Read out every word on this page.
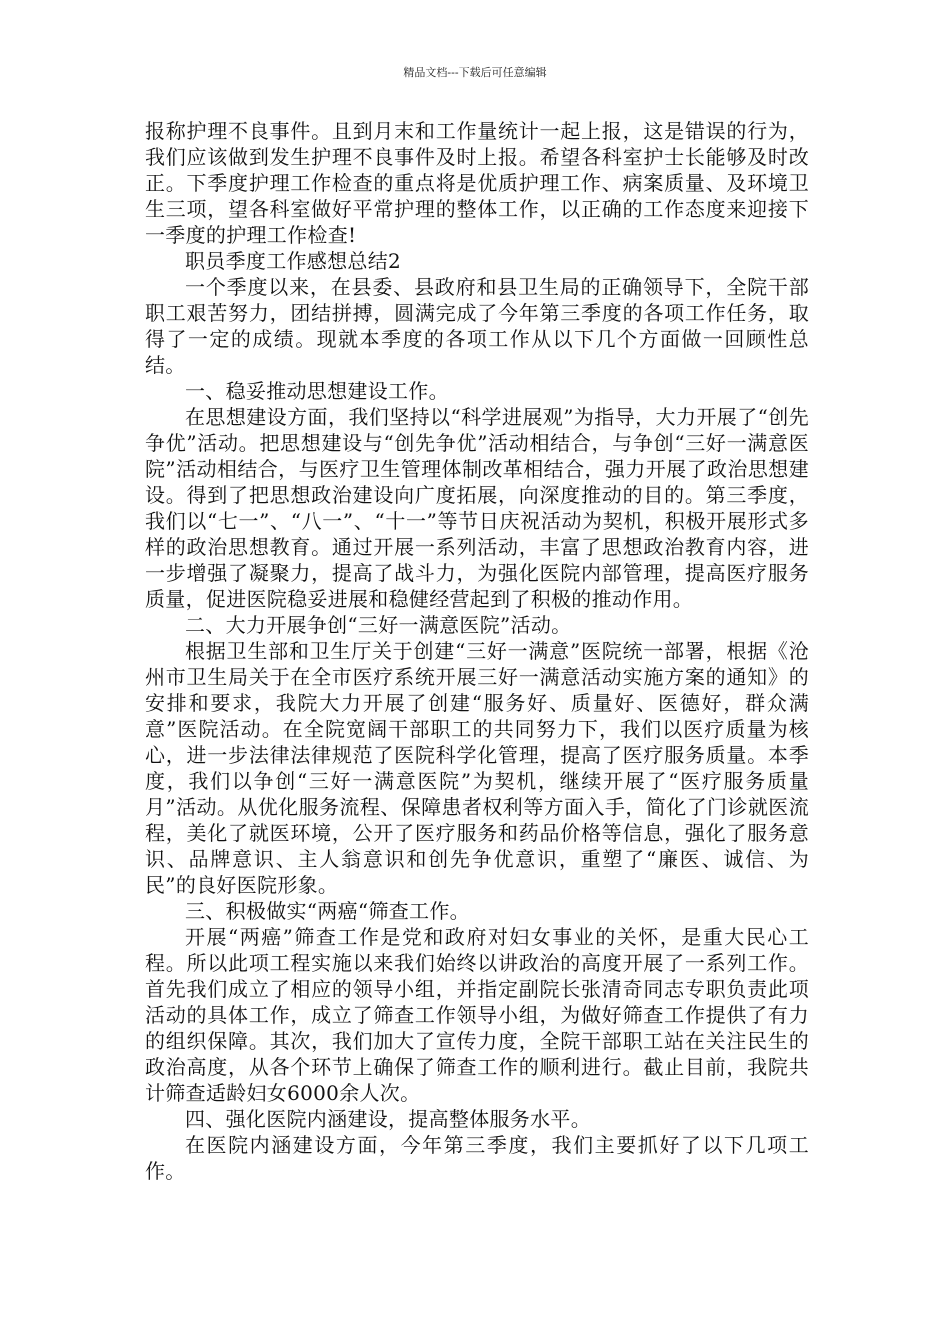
精品文档---下载后可任意编辑

报称护理不良事件。且到月末和工作量统计一起上报，这是错误的行为，我们应该做到发生护理不良事件及时上报。希望各科室护士长能够及时改正。下季度护理工作检查的重点将是优质护理工作、病案质量、及环境卫生三项，望各科室做好平常护理的整体工作，以正确的工作态度来迎接下一季度的护理工作检查!

职员季度工作感想总结2

一个季度以来，在县委、县政府和县卫生局的正确领导下，全院干部职工艰苦努力，团结拼搏，圆满完成了今年第三季度的各项工作任务，取得了一定的成绩。现就本季度的各项工作从以下几个方面做一回顾性总结。

一、稳妥推动思想建设工作。

在思想建设方面，我们坚持以“科学进展观”为指导，大力开展了“创先争优”活动。把思想建设与“创先争优”活动相结合，与争创“三好一满意医院”活动相结合，与医疗卫生管理体制改革相结合，强力开展了政治思想建设。得到了把思想政治建设向广度拓展，向深度推动的目的。第三季度，我们以“七一”、“八一”、“十一”等节日庆祝活动为契机，积极开展形式多样的政治思想教育。通过开展一系列活动，丰富了思想政治教育内容，进一步增强了凝聚力，提高了战斗力，为强化医院内部管理，提高医疗服务质量，促进医院稳妥进展和稳健经营起到了积极的推动作用。

二、大力开展争创“三好一满意医院”活动。

根据卫生部和卫生厅关于创建“三好一满意”医院统一部署，根据《沧州市卫生局关于在全市医疗系统开展三好一满意活动实施方案的通知》的安排和要求，我院大力开展了创建“服务好、质量好、医德好，群众满意”医院活动。在全院宽阔干部职工的共同努力下，我们以医疗质量为核心，进一步法律法律规范了医院科学化管理，提高了医疗服务质量。本季度，我们以争创“三好一满意医院”为契机，继续开展了“医疗服务质量月”活动。从优化服务流程、保障患者权利等方面入手，简化了门诊就医流程，美化了就医环境，公开了医疗服务和药品价格等信息，强化了服务意识、品牌意识、主人翁意识和创先争优意识，重塑了“廉医、诚信、为民”的良好医院形象。

三、积极做实“两癌“筛查工作。

开展“两癌”筛查工作是党和政府对妇女事业的关怀，是重大民心工程。所以此项工程实施以来我们始终以讲政治的高度开展了一系列工作。首先我们成立了相应的领导小组，并指定副院长张清奇同志专职负责此项活动的具体工作，成立了筛查工作领导小组，为做好筛查工作提供了有力的组织保障。其次，我们加大了宣传力度，全院干部职工站在关注民生的政治高度，从各个环节上确保了筛查工作的顺利进行。截止目前，我院共计筛查适龄妇女6000余人次。

四、强化医院内涵建设，提高整体服务水平。

在医院内涵建设方面，今年第三季度，我们主要抓好了以下几项工作。
